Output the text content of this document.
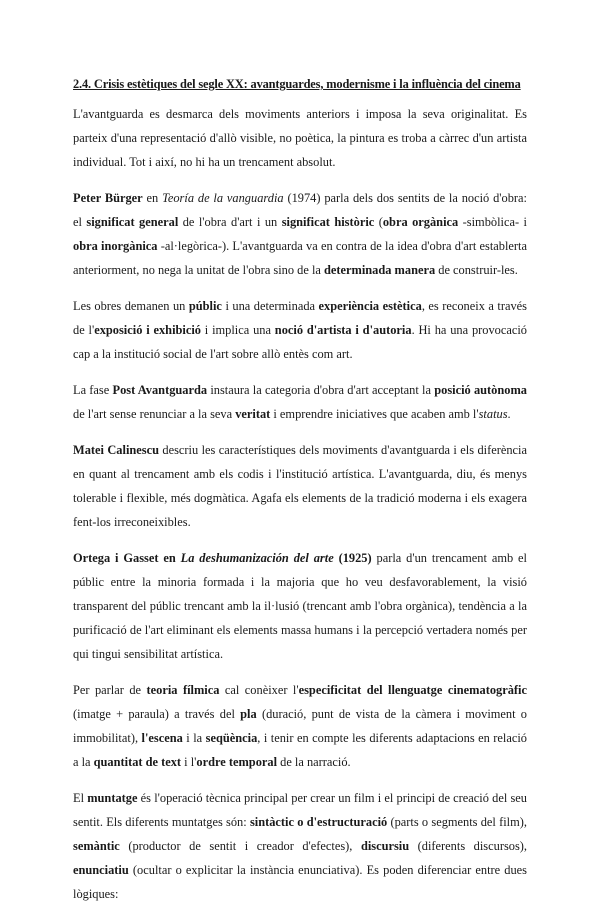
2.4. Crisis estètiques del segle XX: avantguardes, modernisme i la influència del cinema

L'avantguarda es desmarca dels moviments anteriors i imposa la seva originalitat. Es parteix d'una representació d'allò visible, no poètica, la pintura es troba a càrrec d'un artista individual. Tot i així, no hi ha un trencament absolut.

Peter Bürger en Teoría de la vanguardia (1974) parla dels dos sentits de la noció d'obra: el significat general de l'obra d'art i un significat històric (obra orgànica -simbòlica- i obra inorgànica -al·legòrica-). L'avantguarda va en contra de la idea d'obra d'art establerta anteriorment, no nega la unitat de l'obra sino de la determinada manera de construir-les.

Les obres demanen un públic i una determinada experiència estètica, es reconeix a través de l'exposició i exhibició i implica una noció d'artista i d'autoria. Hi ha una provocació cap a la institució social de l'art sobre allò entès com art.

La fase Post Avantguarda instaura la categoria d'obra d'art acceptant la posició autònoma de l'art sense renunciar a la seva veritat i emprendre iniciatives que acaben amb l'status.

Matei Calinescu descriu les característiques dels moviments d'avantguarda i els diferència en quant al trencament amb els codis i l'institució artística. L'avantguarda, diu, és menys tolerable i flexible, més dogmàtica. Agafa els elements de la tradició moderna i els exagera fent-los irreconeixibles.

Ortega i Gasset en La deshumanización del arte (1925) parla d'un trencament amb el públic entre la minoria formada i la majoria que ho veu desfavorablement, la visió transparent del públic trencant amb la il·lusió (trencant amb l'obra orgànica), tendència a la purificació de l'art eliminant els elements massa humans i la percepció vertadera només per qui tingui sensibilitat artística.

Per parlar de teoria fílmica cal conèixer l'especificitat del llenguatge cinematogràfic (imatge + paraula) a través del pla (duració, punt de vista de la càmera i moviment o immobilitat), l'escena i la seqüència, i tenir en compte les diferents adaptacions en relació a la quantitat de text i l'ordre temporal de la narració.

El muntatge és l'operació tècnica principal per crear un film i el principi de creació del seu sentit. Els diferents muntatges són: sintàctic o d'estructuració (parts o segments del film), semàntic (productor de sentit i creador d'efectes), discursiu (diferents discursos), enunciatiu (ocultar o explicitar la instància enunciativa). Es poden diferenciar entre dues lògiques:
